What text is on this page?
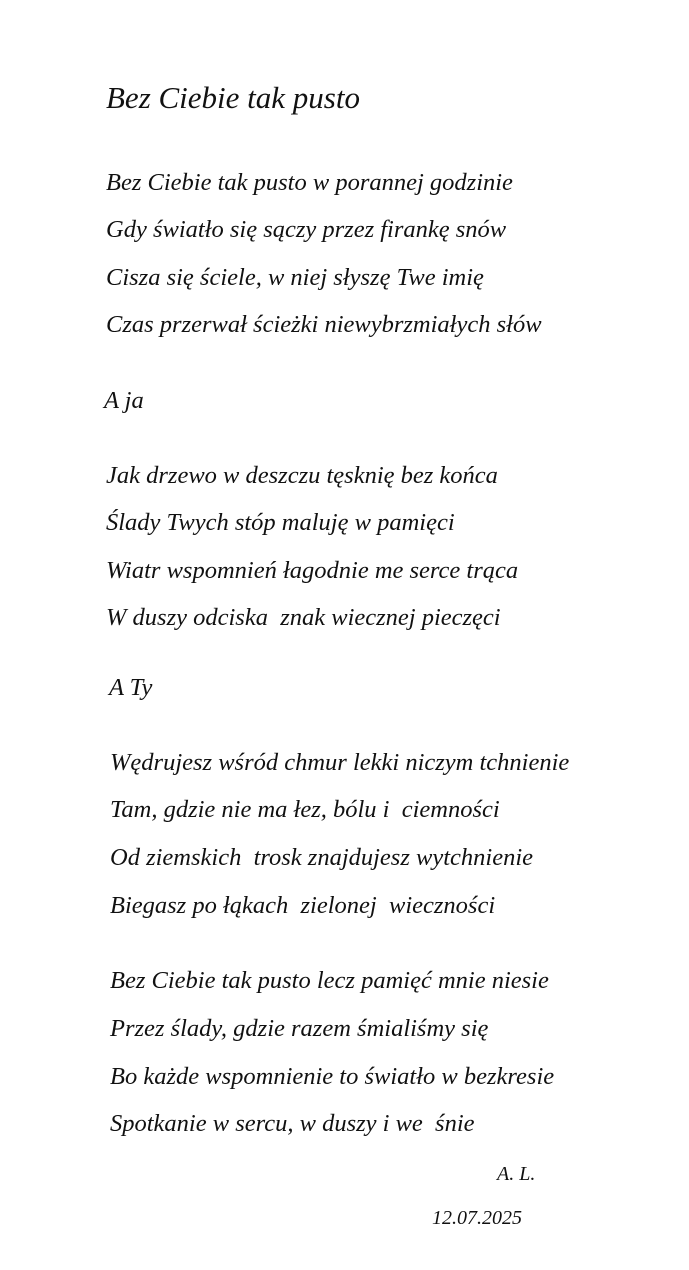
Bez Ciebie tak pusto
Bez Ciebie tak pusto w porannej godzinie
Gdy światło się sączy przez firankę snów
Cisza się ściele, w niej słyszę Twe imię
Czas przerwał ścieżki niewybrzmiałych słów
A ja
Jak drzewo w deszczu tęsknię bez końca
Ślady Twych stóp maluję w pamięci
Wiatr wspomnień łagodnie me serce trąca
W duszy odciska  znak wiecznej pieczęci
A Ty
Wędrujesz wśród chmur lekki niczym tchnienie
Tam, gdzie nie ma łez, bólu i  ciemności
Od ziemskich  trosk znajdujesz wytchnienie
Biegasz po łąkach  zielonej  wieczności
Bez Ciebie tak pusto lecz pamięć mnie niesie
Przez ślady, gdzie razem śmialiśmy się
Bo każde wspomnienie to światło w bezkresie
Spotkanie w sercu, w duszy i we  śnie
A. L.
12.07.2025
